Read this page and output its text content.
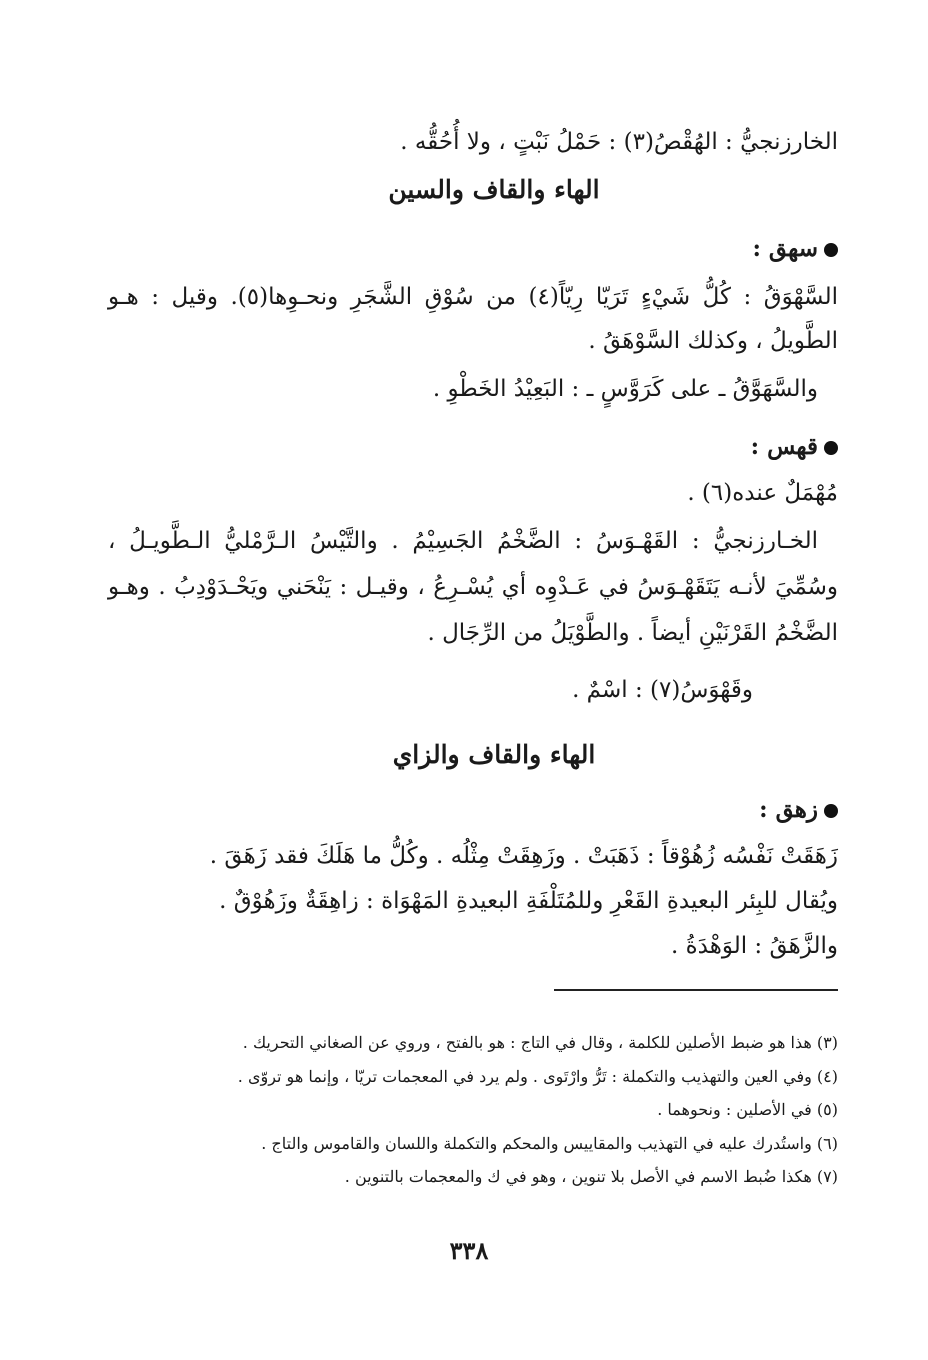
الخارزنجيُّ : الهُقْصُ(٣) : حَمْلُ نَبْتٍ ، ولا أُحُقُّه .
الهاء والقاف والسين
سهق :
السَّهْوَقُ : كُلُّ شَيْءٍ تَرَيّا رِيّاً(٤) من سُوْقِ الشَّجَرِ ونحـوِها(٥). وقيل : هـو
الطَّويلُ ، وكذلك السَّوْهَقُ .
والسَّهَوَّقُ ـ على كَرَوَّسٍ ـ : البَعِيْدُ الخَطْوِ .
قهس :
مُهْمَلٌ عنده(٦) .
الخـارزنجيُّ : القَهْـوَسُ : الضَّخْمُ الجَسِيْمُ . والتَّيْسُ الـرَّمْليُّ الـطَّويـلُ ،
وسُمِّيَ لأنـه يَتَقَهْـوَسُ في عَـدْوِه أي يُسْـرِعُ ، وقيـل : يَنْحَني ويَحْـدَوْدِبُ . وهـو
الضَّخْمُ القَرْنَيْنِ أيضاً . والطَّوْيَلُ من الرِّجَال .
وقَهْوَسُ(٧) : اسْمٌ .
الهاء والقاف والزاي
زهق :
زَهَقَتْ نَفْسُه زُهُوْقاً : ذَهَبَتْ . وزَهِقَتْ مِثْلُه . وكُلُّ ما هَلَكَ فقد زَهَقَ .
ويُقال للبِئر البعيدةِ القَعْرِ وللمُتَلْفَةِ البعيدةِ المَهْوَاة : زاهِقَةٌ وزَهُوْقٌ .
والزَّهَقُ : الوَهْدَةُ .
(٣) هذا هو ضبط الأصلين للكلمة ، وقال في التاج : هو بالفتح ، وروي عن الصغاني التحريك .
(٤) وفي العين والتهذيب والتكملة : تَرُّ وارْتَوى . ولم يرد في المعجمات تريّا ، وإنما هو تروّى .
(٥) في الأصلين : ونحوهما .
(٦) واستُدرك عليه في التهذيب والمقاييس والمحكم والتكملة واللسان والقاموس والتاج .
(٧) هكذا ضُبط الاسم في الأصل بلا تنوين ، وهو في ك والمعجمات بالتنوين .
٣٣٨
